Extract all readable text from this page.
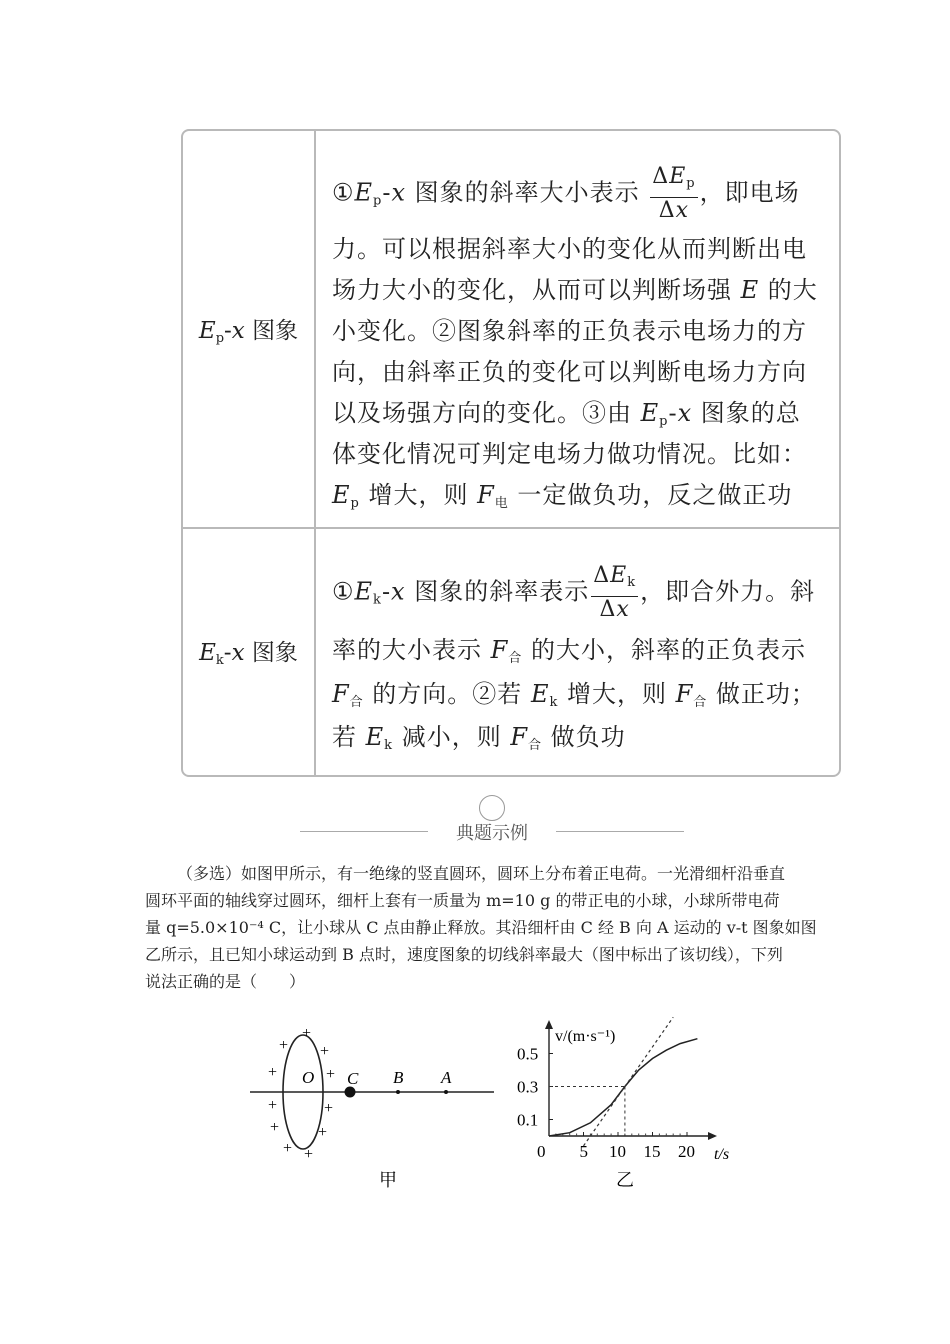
$E_p-x$ 图象
$①E_p-x$ 图象的斜率大小表示 $\frac{\Delta E_p}{\Delta x}$ ，即电场
力。可以根据斜率大小的变化从而判断出电
场力大小的变化，从而可以判断场强 E 的大
小变化。②图象斜率的正负表示电场力的方
向，由斜率正负的变化可以判断电场力方向
以及场强方向的变化。③由 $E_p-x$ 图象的总
体变化情况可判定电场力做功情况。比如：
$E_p$ 增大，则 $F_电$ 一定做负功，反之做正功
$E_k-x$ 图象
$①E_k-x$ 图象的斜率表示 $\frac{\Delta E_k}{\Delta x}$ ，即合外力。斜
率的大小表示 $F_合$ 的大小，斜率的正负表示
$F_合$ 的方向。②若 $E_k$ 增大，则 $F_合$ 做正功；
若 $E_k$ 减小，则 $F_合$ 做负功
典题示例

（多选）如图甲所示，有一绝缘的竖直圆环，圆环上分布着正电荷。一光滑细杆沿垂直

圆环平面的轴线穿过圆环，细杆上套有一质量为 m=10 g 的带正电的小球，小球所带电荷

量 q=5.0×10⁻⁴ C，让小球从 C 点由静止释放。其沿细杆由 C 经 B 向 A 运动的 v-t 图象如图

乙所示，且已知小球运动到 B 点时，速度图象的切线斜率最大（图中标出了该切线），下列

说法正确的是（　　）

O C B A
+
+ +
+	+
+	+
+ +
+ +
甲
v/(m·s⁻¹)
t/s
0 5 10 15 20
0.5
0.3
0.1
乙
